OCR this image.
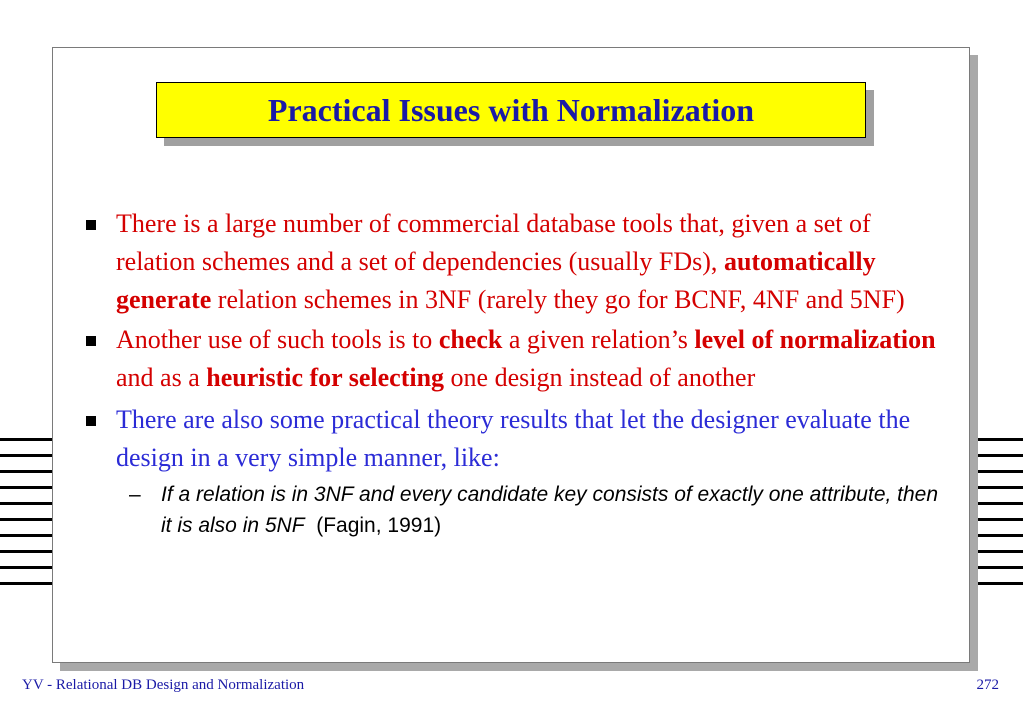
Practical Issues with Normalization
There is a large number of commercial database tools that, given a set of relation schemes and a set of dependencies (usually FDs), automatically generate relation schemes in 3NF (rarely they go for BCNF, 4NF and 5NF)
Another use of such tools is to check a given relation’s level of normalization and as a heuristic for selecting one design instead of another
There are also some practical theory results that let the designer evaluate the design in a very simple manner, like:
– If a relation is in 3NF and every candidate key consists of exactly one attribute, then it is also in 5NF  (Fagin, 1991)
YV - Relational DB Design and Normalization	272
